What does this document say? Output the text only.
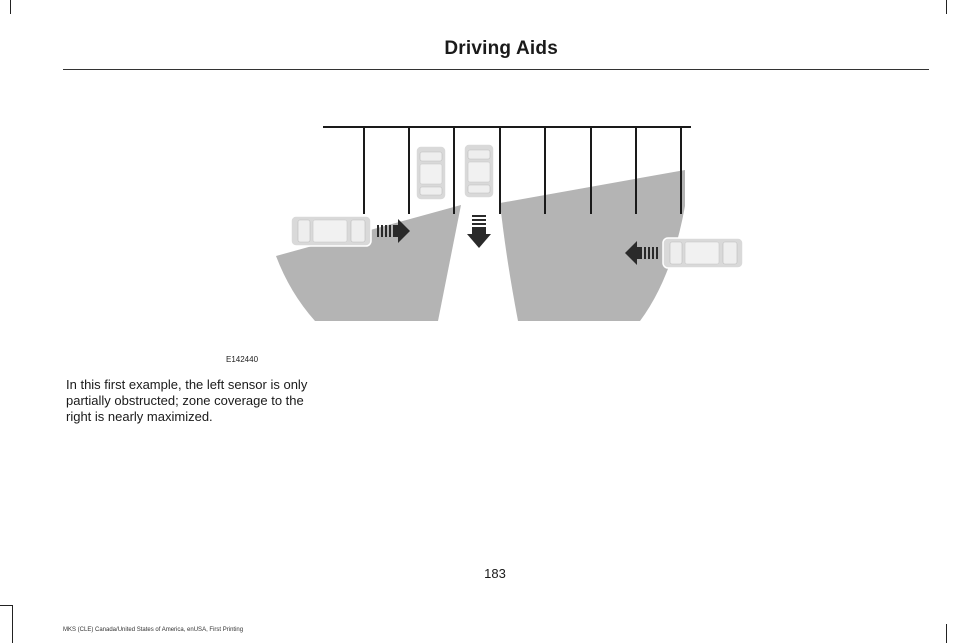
Driving Aids
E142440

In this first example, the left sensor is only partially obstructed; zone coverage to the right is nearly maximized.

183
MKS (CLE) Canada/United States of America, enUSA, First Printing
